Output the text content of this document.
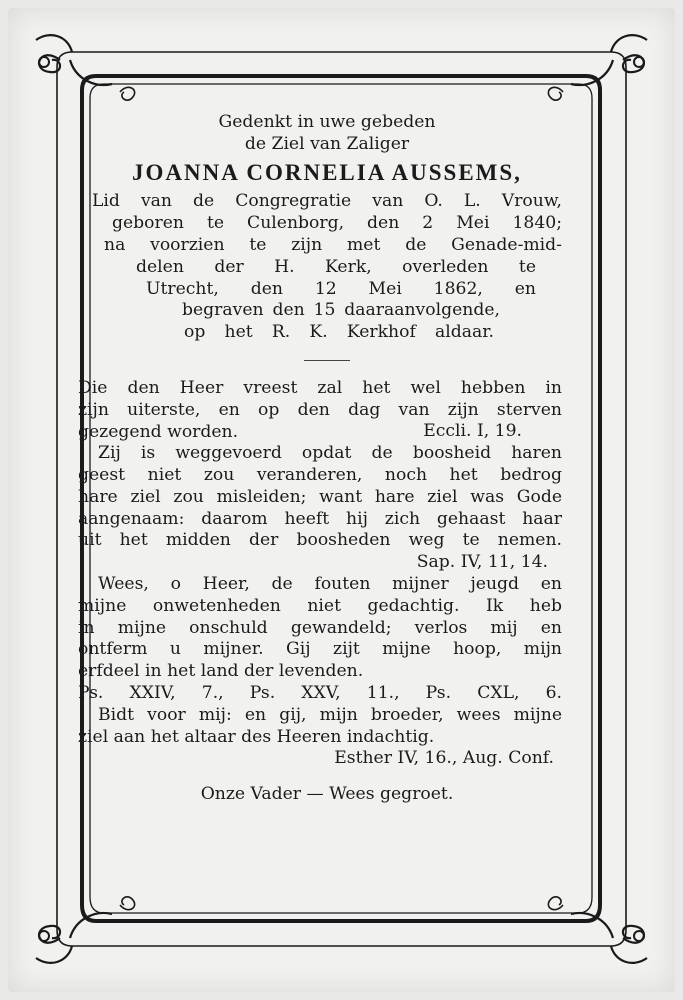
Gedenkt in uwe gebeden

de Ziel van Zaliger

JOANNA CORNELIA AUSSEMS,

Lid van de Congregratie van O. L. Vrouw,

geboren te Culenborg, den 2 Mei 1840;

na voorzien te zijn met de Genade-mid-

delen der H. Kerk, overleden te

Utrecht, den 12 Mei 1862, en

begraven den 15 daaraanvolgende,

op het R. K. Kerkhof aldaar.

Die den Heer vreest zal het wel hebben in

zijn uiterste, en op den dag van zijn sterven

gezegend worden.	Eccli. I, 19.

Zij is weggevoerd opdat de boosheid haren

geest niet zou veranderen, noch het bedrog

hare ziel zou misleiden; want hare ziel was Gode

aangenaam: daarom heeft hij zich gehaast haar

uit het midden der boosheden weg te nemen.

Sap. IV, 11, 14.

Wees, o Heer, de fouten mijner jeugd en

mijne onwetenheden niet gedachtig. Ik heb

in mijne onschuld gewandeld; verlos mij en

ontferm u mijner. Gij zijt mijne hoop, mijn

erfdeel in het land der levenden.

Ps. XXIV, 7., Ps. XXV, 11., Ps. CXL, 6.

Bidt voor mij: en gij, mijn broeder, wees mijne

ziel aan het altaar des Heeren indachtig.

Esther IV, 16., Aug. Conf.

Onze Vader — Wees gegroet.
